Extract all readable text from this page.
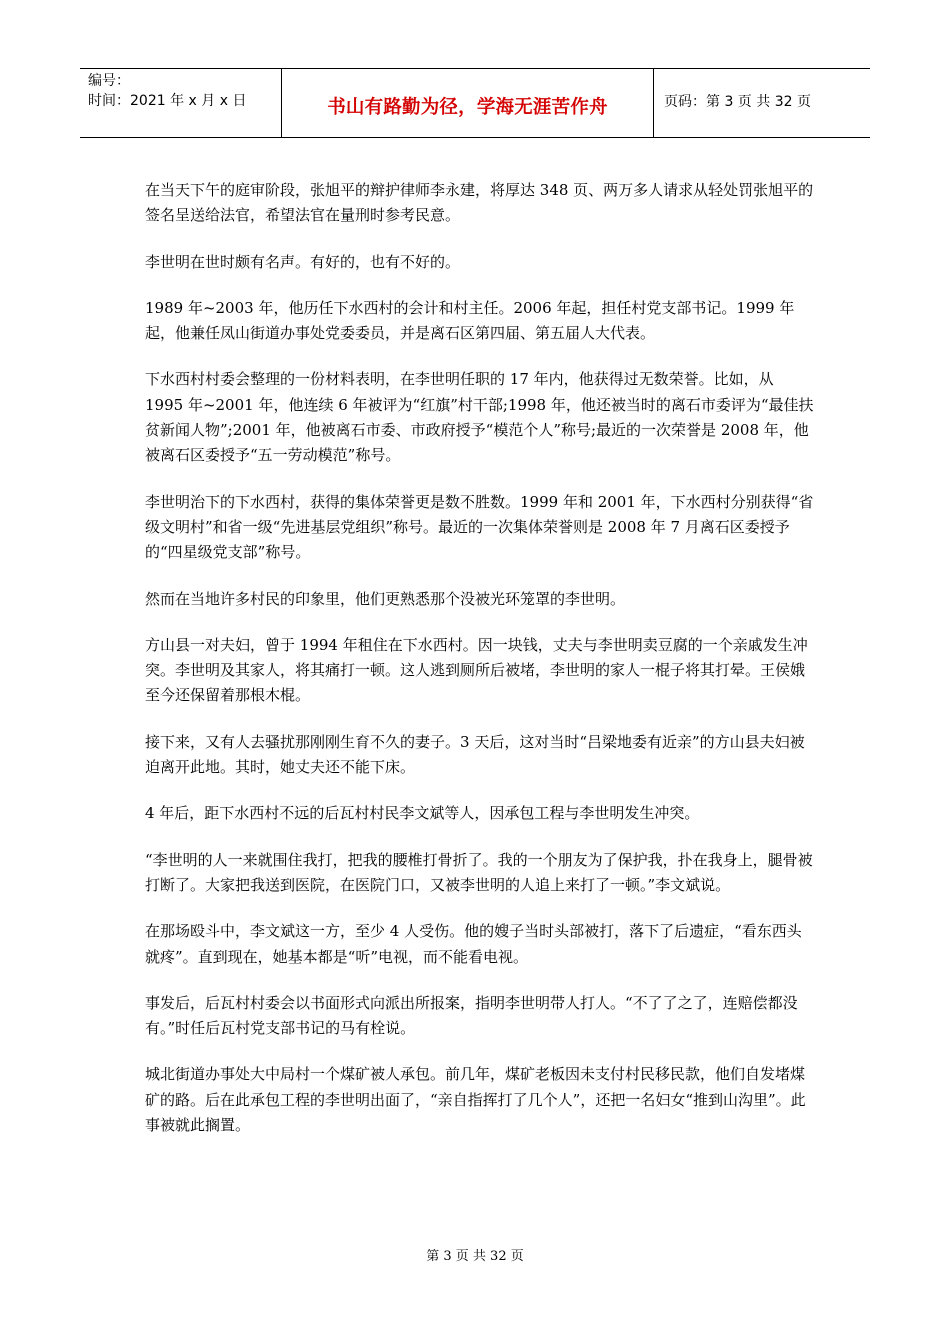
编号：
时间：2021 年 x 月 x 日	书山有路勤为径，学海无涯苦作舟	页码：第 3 页 共 32 页

在当天下午的庭审阶段，张旭平的辩护律师李永建，将厚达 348 页、两万多人请求从轻处罚张旭平的签名呈送给法官，希望法官在量刑时参考民意。

李世明在世时颇有名声。有好的，也有不好的。

1989 年~2003 年，他历任下水西村的会计和村主任。2006 年起，担任村党支部书记。1999 年起，他兼任凤山街道办事处党委委员，并是离石区第四届、第五届人大代表。

下水西村村委会整理的一份材料表明，在李世明任职的 17 年内，他获得过无数荣誉。比如，从 1995 年~2001 年，他连续 6 年被评为“红旗”村干部;1998 年，他还被当时的离石市委评为“最佳扶贫新闻人物”;2001 年，他被离石市委、市政府授予“模范个人”称号;最近的一次荣誉是 2008 年，他被离石区委授予“五一劳动模范”称号。

李世明治下的下水西村，获得的集体荣誉更是数不胜数。1999 年和 2001 年，下水西村分别获得“省级文明村”和省一级“先进基层党组织”称号。最近的一次集体荣誉则是 2008 年 7 月离石区委授予的“四星级党支部”称号。

然而在当地许多村民的印象里，他们更熟悉那个没被光环笼罩的李世明。

方山县一对夫妇，曾于 1994 年租住在下水西村。因一块钱，丈夫与李世明卖豆腐的一个亲戚发生冲突。李世明及其家人，将其痛打一顿。这人逃到厕所后被堵，李世明的家人一棍子将其打晕。王侯娥至今还保留着那根木棍。

接下来，又有人去骚扰那刚刚生育不久的妻子。3 天后，这对当时“吕梁地委有近亲”的方山县夫妇被迫离开此地。其时，她丈夫还不能下床。

4 年后，距下水西村不远的后瓦村村民李文斌等人，因承包工程与李世明发生冲突。

“李世明的人一来就围住我打，把我的腰椎打骨折了。我的一个朋友为了保护我，扑在我身上，腿骨被打断了。大家把我送到医院，在医院门口，又被李世明的人追上来打了一顿。”李文斌说。

在那场殴斗中，李文斌这一方，至少 4 人受伤。他的嫂子当时头部被打，落下了后遗症，“看东西头就疼”。直到现在，她基本都是“听”电视，而不能看电视。

事发后，后瓦村村委会以书面形式向派出所报案，指明李世明带人打人。“不了了之了，连赔偿都没有。”时任后瓦村党支部书记的马有栓说。

城北街道办事处大中局村一个煤矿被人承包。前几年，煤矿老板因未支付村民移民款，他们自发堵煤矿的路。后在此承包工程的李世明出面了，“亲自指挥打了几个人”，还把一名妇女“推到山沟里”。此事被就此搁置。

第 3 页 共 32 页
